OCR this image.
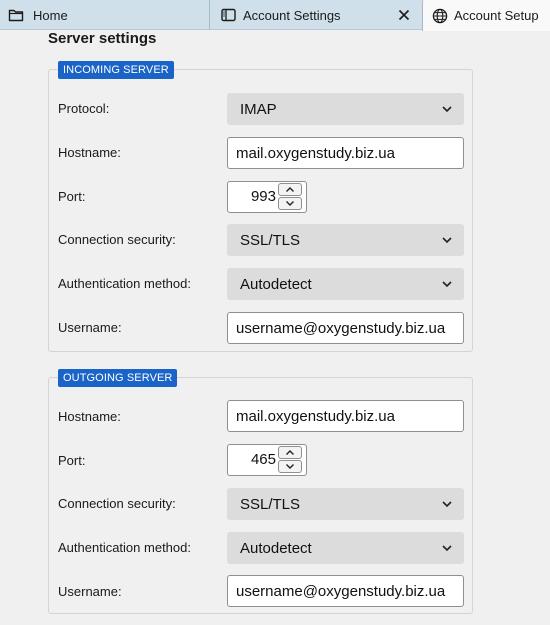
Home	Account Settings	Account Setup
Server settings
INCOMING SERVER
Protocol:	IMAP
Hostname:	mail.oxygenstudy.biz.ua
Port:	993
Connection security:	SSL/TLS
Authentication method:	Autodetect
Username:	username@oxygenstudy.biz.ua
OUTGOING SERVER
Hostname:	mail.oxygenstudy.biz.ua
Port:	465
Connection security:	SSL/TLS
Authentication method:	Autodetect
Username:	username@oxygenstudy.biz.ua
